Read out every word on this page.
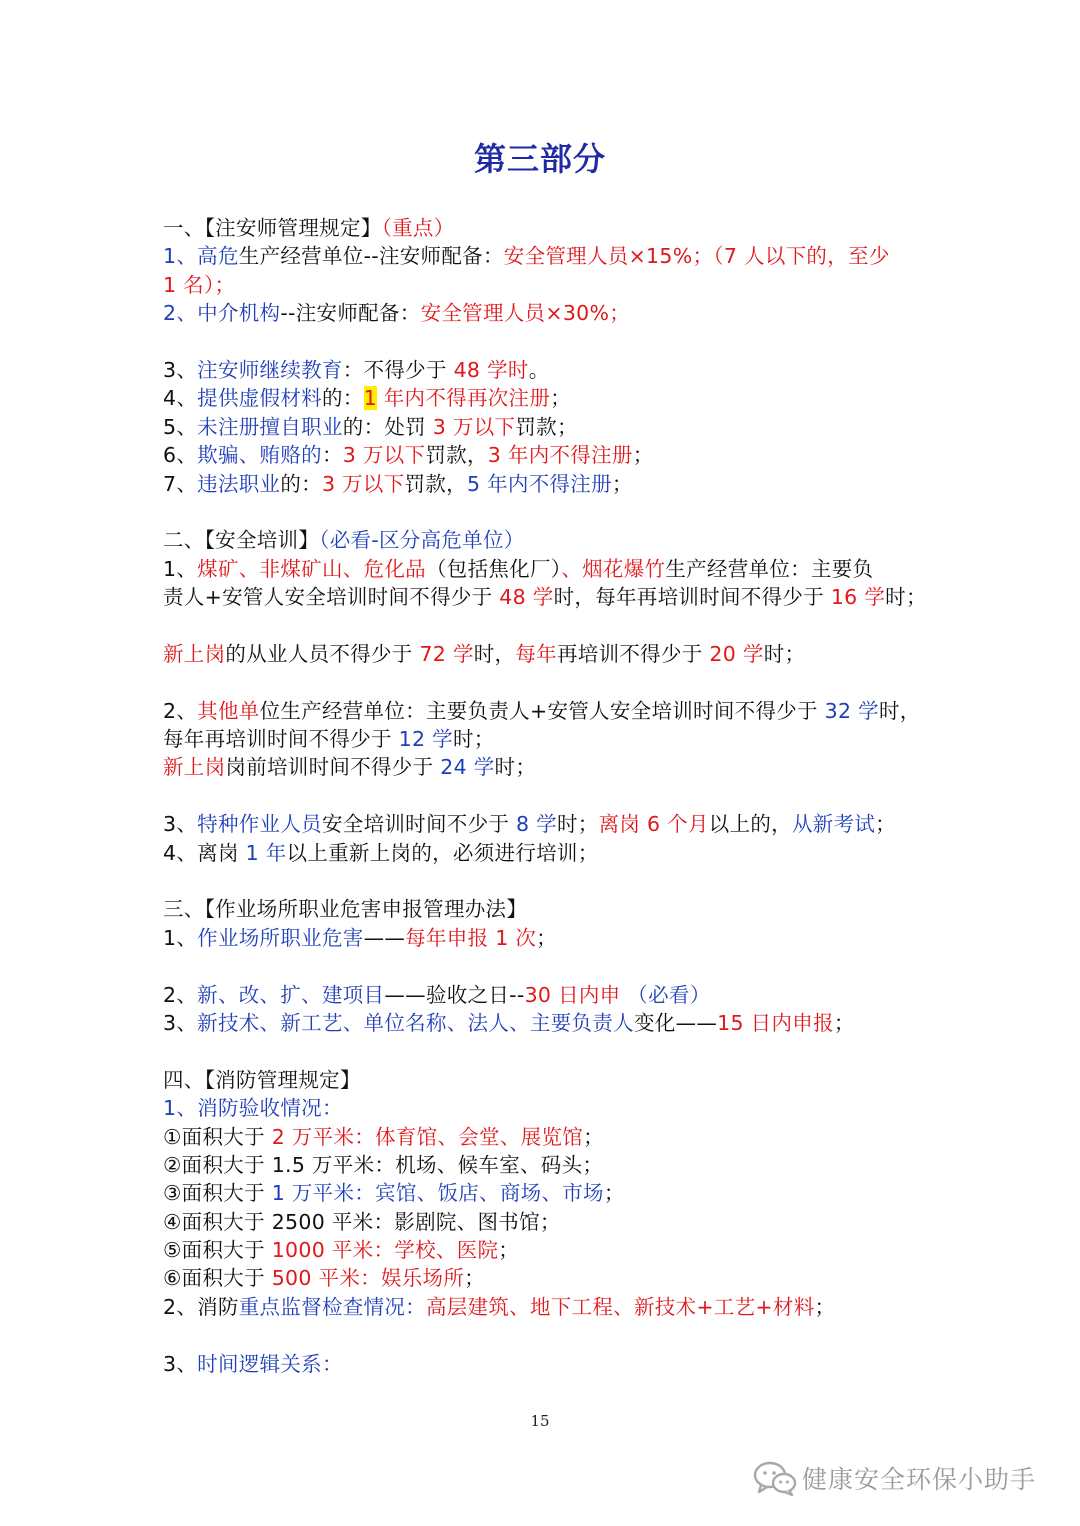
第三部分
一、【注安师管理规定】（重点）
1、高危生产经营单位--注安师配备：安全管理人员×15%；（7 人以下的，至少
1 名）；
2、中介机构--注安师配备：安全管理人员×30%；
3、注安师继续教育：不得少于 48 学时。
4、提供虚假材料的：1 年内不得再次注册；
5、未注册擅自职业的：处罚 3 万以下罚款；
6、欺骗、贿赂的：3 万以下罚款，3 年内不得注册；
7、违法职业的：3 万以下罚款，5 年内不得注册；
二、【安全培训】（必看-区分高危单位）
1、煤矿、非煤矿山、危化品（包括焦化厂）、烟花爆竹生产经营单位：主要负
责人+安管人安全培训时间不得少于 48 学时，每年再培训时间不得少于 16 学时；
新上岗的从业人员不得少于 72 学时，每年再培训不得少于 20 学时；
2、其他单位生产经营单位：主要负责人+安管人安全培训时间不得少于 32 学时，
每年再培训时间不得少于 12 学时；
新上岗岗前培训时间不得少于 24 学时；
3、特种作业人员安全培训时间不少于 8 学时；离岗 6 个月以上的，从新考试；
4、离岗 1 年以上重新上岗的，必须进行培训；
三、【作业场所职业危害申报管理办法】
1、作业场所职业危害——每年申报 1 次；
2、新、改、扩、建项目——验收之日--30 日内申 （必看）
3、新技术、新工艺、单位名称、法人、主要负责人变化——15 日内申报；
四、【消防管理规定】
1、消防验收情况：
①面积大于 2 万平米：体育馆、会堂、展览馆；
②面积大于 1.5 万平米：机场、候车室、码头；
③面积大于 1 万平米：宾馆、饭店、商场、市场；
④面积大于 2500 平米：影剧院、图书馆；
⑤面积大于 1000 平米：学校、医院；
⑥面积大于 500 平米：娱乐场所；
2、消防重点监督检查情况：高层建筑、地下工程、新技术+工艺+材料；
3、时间逻辑关系：
15
健康安全环保小助手
